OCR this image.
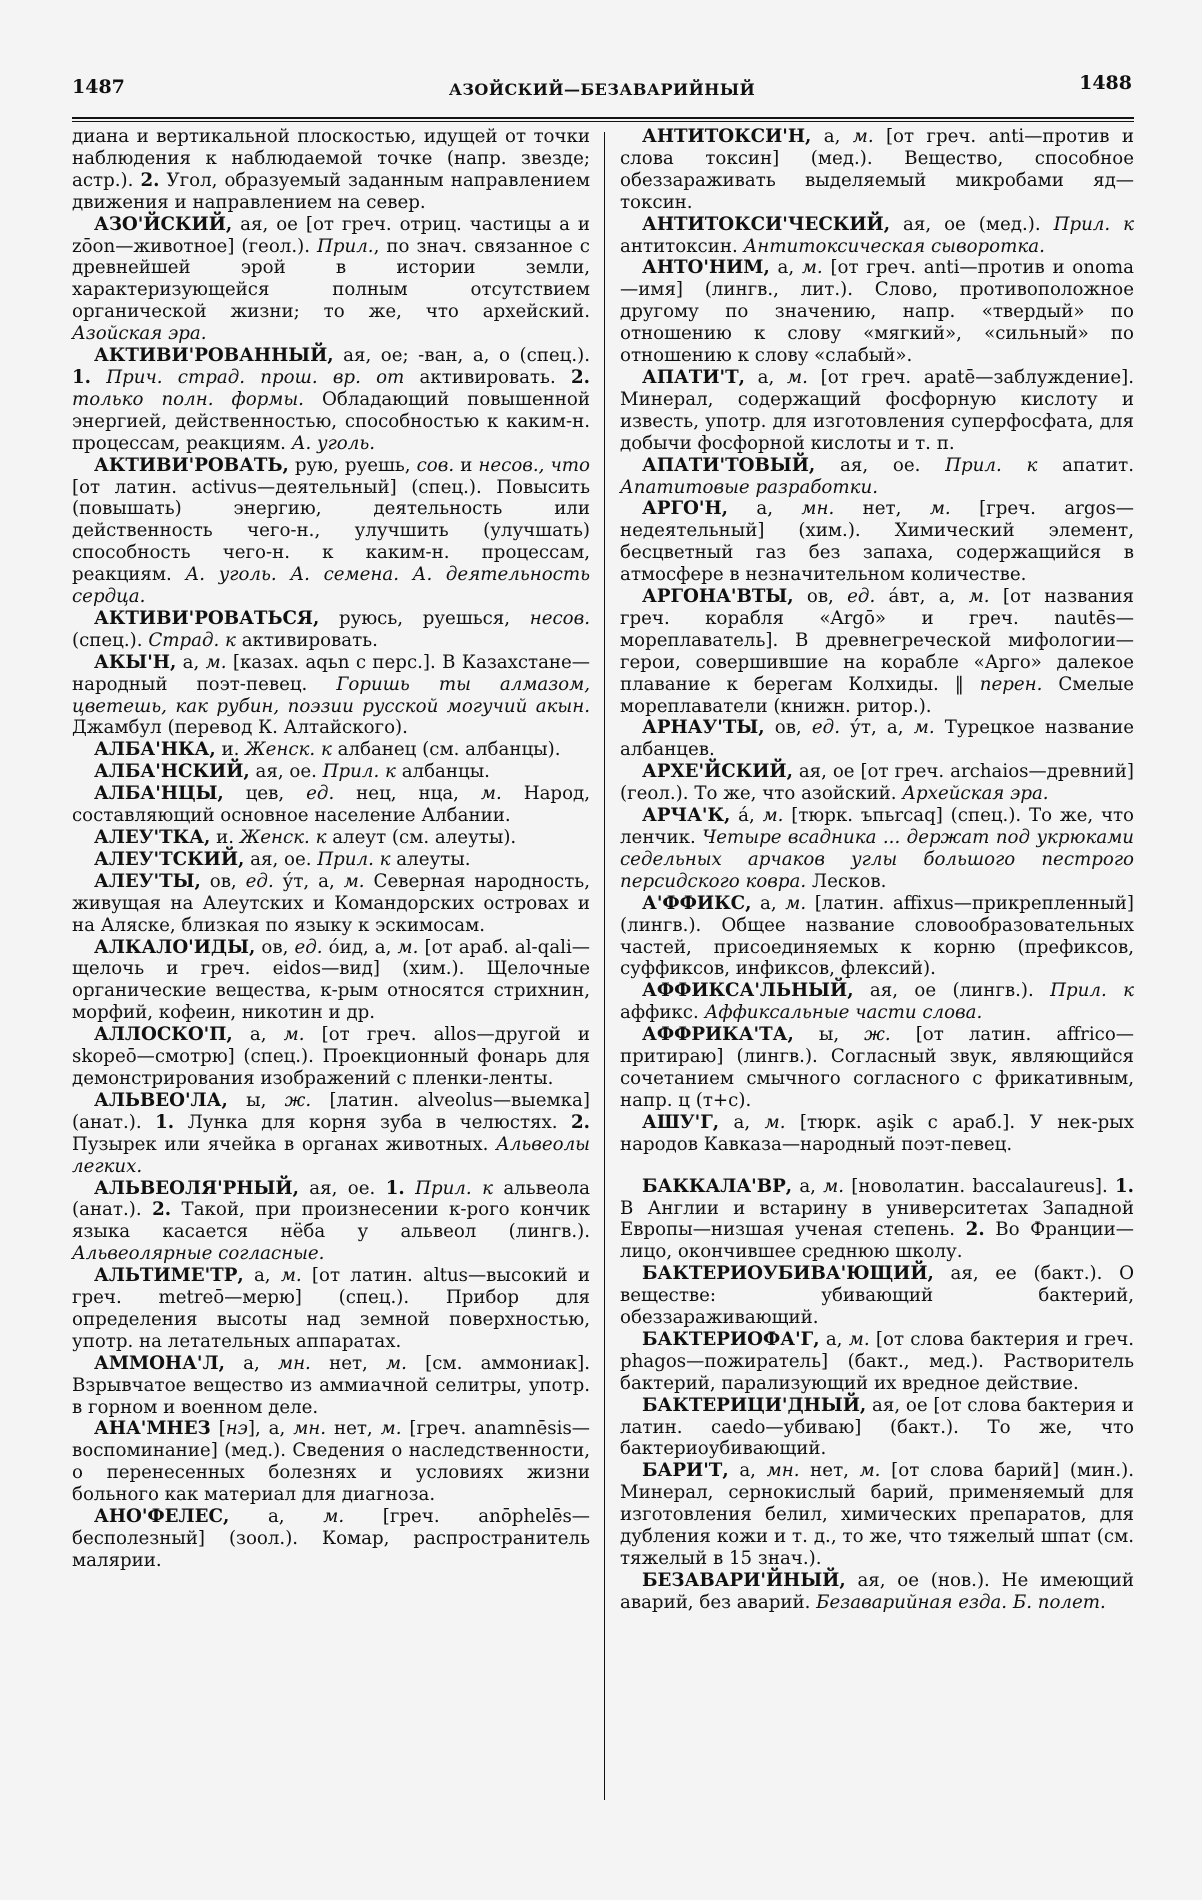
1487	АЗОЙСКИЙ—БЕЗАВАРИЙНЫЙ	1488

диана и вертикальной плоскостью, идущей от точки наблюдения к наблюдаемой точке (напр. звезде; астр.). 2. Угол, образуемый заданным направлением движения и направлением на север.

АЗО'ЙСКИЙ, ая, ое [от греч. отриц. частицы a и zōon—животное] (геол.). Прил., по знач. связанное с древнейшей эрой в истории земли, характеризующейся полным отсутствием органической жизни; то же, что архейский. Азойская эра.

АКТИВИ'РОВАННЫЙ, ая, ое; -ван, а, о (спец.). 1. Прич. страд. прош. вр. от активировать. 2. только полн. формы. Обладающий повышенной энергией, действенностью, способностью к каким-н. процессам, реакциям. А. уголь.

АКТИВИ'РОВАТЬ, рую, руешь, сов. и несов., что [от латин. activus—деятельный] (спец.). Повысить (повышать) энергию, деятельность или действенность чего-н., улучшить (улучшать) способность чего-н. к каким-н. процессам, реакциям. А. уголь. А. семена. А. деятельность сердца.

АКТИВИ'РОВАТЬСЯ, руюсь, руешься, несов. (спец.). Страд. к активировать.

АКЫ'Н, а, м. [казах. aqьn с перс.]. В Казахстане—народный поэт-певец. Горишь ты алмазом, цветешь, как рубин, поэзии русской могучий акын. Джамбул (перевод К. Алтайского).

АЛБА'НКА, и. Женск. к албанец (см. албанцы).

АЛБА'НСКИЙ, ая, ое. Прил. к албанцы.

АЛБА'НЦЫ, цев, ед. нец, нца, м. Народ, составляющий основное население Албании.

АЛЕУ'ТКА, и. Женск. к алеут (см. алеуты).

АЛЕУ'ТСКИЙ, ая, ое. Прил. к алеуты.

АЛЕУ'ТЫ, ов, ед. у́т, а, м. Северная народность, живущая на Алеутских и Командорских островах и на Аляске, близкая по языку к эскимосам.

АЛКАЛО'ИДЫ, ов, ед. о́ид, а, м. [от араб. al-qali—щелочь и греч. eidos—вид] (хим.). Щелочные органические вещества, к-рым относятся стрихнин, морфий, кофеин, никотин и др.

АЛЛОСКО'П, а, м. [от греч. allos—другой и skopeō—смотрю] (спец.). Проекционный фонарь для демонстрирования изображений с пленки-ленты.

АЛЬВЕО'ЛА, ы, ж. [латин. alveolus—выемка] (анат.). 1. Лунка для корня зуба в челюстях. 2. Пузырек или ячейка в органах животных. Альвеолы легких.

АЛЬВЕОЛЯ'РНЫЙ, ая, ое. 1. Прил. к альвеола (анат.). 2. Такой, при произнесении к-рого кончик языка касается нёба у альвеол (лингв.). Альвеолярные согласные.

АЛЬТИМЕ'ТР, а, м. [от латин. altus—высокий и греч. metreō—мерю] (спец.). Прибор для определения высоты над земной поверхностью, употр. на летательных аппаратах.

АММОНА'Л, а, мн. нет, м. [см. аммониак]. Взрывчатое вещество из аммиачной селитры, употр. в горном и военном деле.

АНА'МНЕЗ [нэ], а, мн. нет, м. [греч. anamnēsis—воспоминание] (мед.). Сведения о наследственности, о перенесенных болезнях и условиях жизни больного как материал для диагноза.

АНО'ФЕЛЕС, а, м. [греч. anōphelēs—бесполезный] (зоол.). Комар, распространитель малярии.

АНТИТОКСИ'Н, а, м. [от греч. anti—против и слова токсин] (мед.). Вещество, способное обеззараживать выделяемый микробами яд—токсин.

АНТИТОКСИ'ЧЕСКИЙ, ая, ое (мед.). Прил. к антитоксин. Антитоксическая сыворотка.

АНТО'НИМ, а, м. [от греч. anti—против и onoma—имя] (лингв., лит.). Слово, противоположное другому по значению, напр. «твердый» по отношению к слову «мягкий», «сильный» по отношению к слову «слабый».

АПАТИ'Т, а, м. [от греч. apatē—заблуждение]. Минерал, содержащий фосфорную кислоту и известь, употр. для изготовления суперфосфата, для добычи фосфорной кислоты и т. п.

АПАТИ'ТОВЫЙ, ая, ое. Прил. к апатит. Апатитовые разработки.

АРГО'Н, а, мн. нет, м. [греч. argos—недеятельный] (хим.). Химический элемент, бесцветный газ без запаха, содержащийся в атмосфере в незначительном количестве.

АРГОНА'ВТЫ, ов, ед. а́вт, а, м. [от названия греч. корабля «Argō» и греч. nautēs—мореплаватель]. В древнегреческой мифологии—герои, совершившие на корабле «Арго» далекое плавание к берегам Колхиды. ‖ перен. Смелые мореплаватели (книжн. ритор.).

АРНАУ'ТЫ, ов, ед. у́т, а, м. Турецкое название албанцев.

АРХЕ'ЙСКИЙ, ая, ое [от греч. archaios—древний] (геол.). То же, что азойский. Архейская эра.

АРЧА'К, а́, м. [тюрк. ъпьrcaq] (спец.). То же, что ленчик. Четыре всадника ... держат под укрюками седельных арчаков углы большого пестрого персидского ковра. Лесков.

А'ФФИКС, а, м. [латин. affixus—прикрепленный] (лингв.). Общее название словообразовательных частей, присоединяемых к корню (префиксов, суффиксов, инфиксов, флексий).

АФФИКСА'ЛЬНЫЙ, ая, ое (лингв.). Прил. к аффикс. Аффиксальные части слова.

АФФРИКА'ТА, ы, ж. [от латин. affrico—притираю] (лингв.). Согласный звук, являющийся сочетанием смычного согласного с фрикативным, напр. ц (т+с).

АШУ'Г, а, м. [тюрк. aşik с араб.]. У нек-рых народов Кавказа—народный поэт-певец.

БАККАЛА'ВР, а, м. [новолатин. baccalaureus]. 1. В Англии и встарину в университетах Западной Европы—низшая ученая степень. 2. Во Франции—лицо, окончившее среднюю школу.

БАКТЕРИОУБИВА'ЮЩИЙ, ая, ее (бакт.). О веществе: убивающий бактерий, обеззараживающий.

БАКТЕРИОФА'Г, а, м. [от слова бактерия и греч. phagos—пожиратель] (бакт., мед.). Растворитель бактерий, парализующий их вредное действие.

БАКТЕРИЦИ'ДНЫЙ, ая, ое [от слова бактерия и латин. caedo—убиваю] (бакт.). То же, что бактериоубивающий.

БАРИ'Т, а, мн. нет, м. [от слова барий] (мин.). Минерал, сернокислый барий, применяемый для изготовления белил, химических препаратов, для дубления кожи и т. д., то же, что тяжелый шпат (см. тяжелый в 15 знач.).

БЕЗАВАРИ'ЙНЫЙ, ая, ое (нов.). Не имеющий аварий, без аварий. Безаварийная езда. Б. полет.
